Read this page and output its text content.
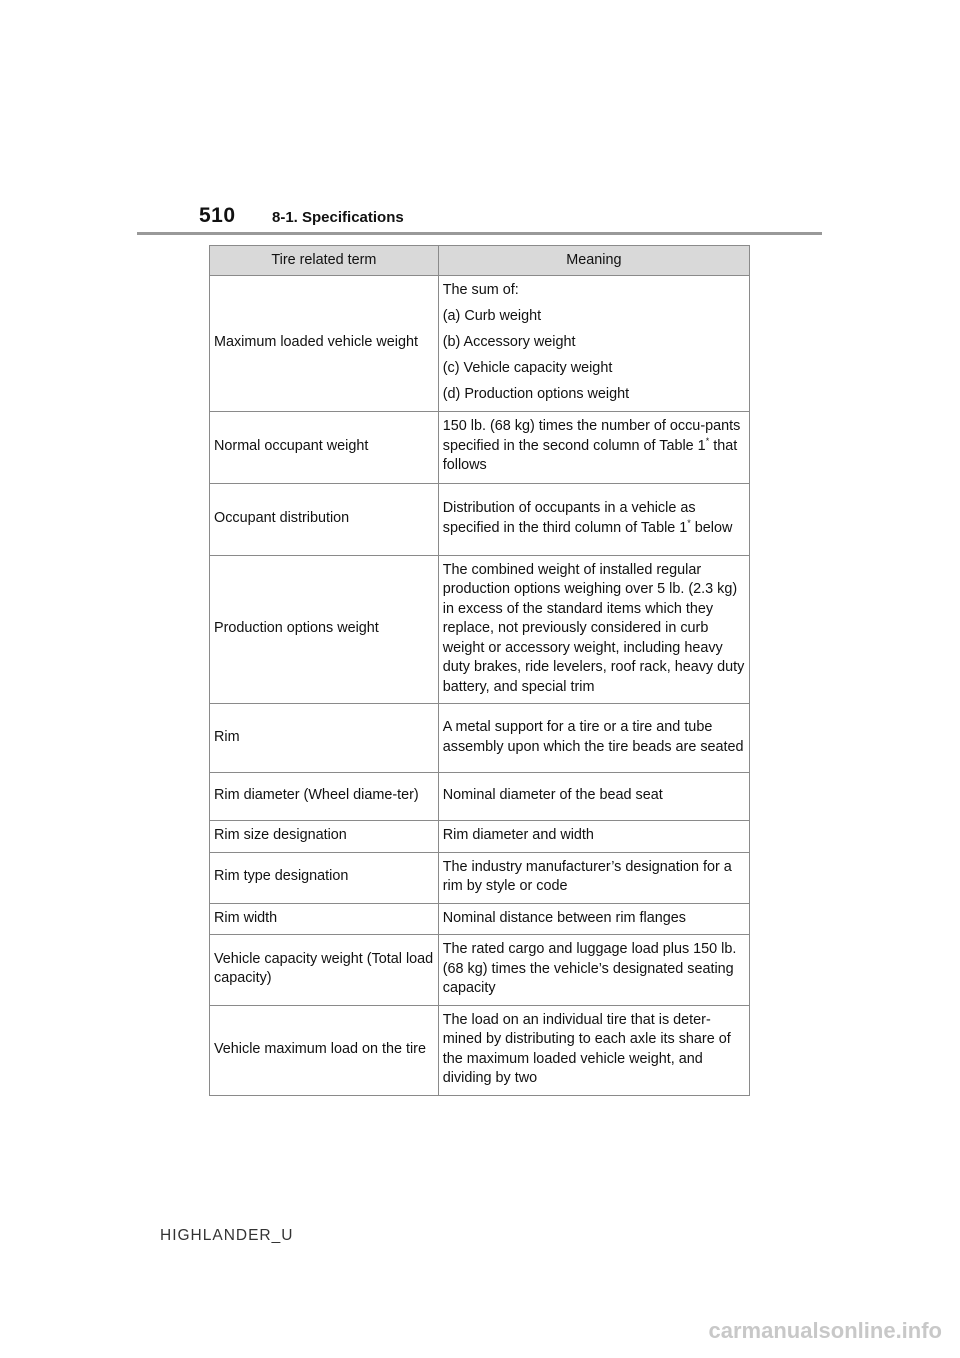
510 8-1. Specifications
Tire related term	Meaning
Maximum loaded vehicle weight	The sum of:

(a) Curb weight

(b) Accessory weight

(c) Vehicle capacity weight

(d) Production options weight

Normal occupant weight	150 lb. (68 kg) times the number of occu-pants specified in the second column of Table 1* that follows
Occupant distribution	Distribution of occupants in a vehicle as specified in the third column of Table 1* below
Production options weight	The combined weight of installed regular production options weighing over 5 lb. (2.3 kg) in excess of the standard items which they replace, not previously considered in curb weight or accessory weight, including heavy duty brakes, ride levelers, roof rack, heavy duty battery, and special trim
Rim	A metal support for a tire or a tire and tube assembly upon which the tire beads are seated
Rim diameter (Wheel diame-ter)	Nominal diameter of the bead seat
Rim size designation	Rim diameter and width
Rim type designation	The industry manufacturer’s designation for a rim by style or code
Rim width	Nominal distance between rim flanges
Vehicle capacity weight (Total load capacity)	The rated cargo and luggage load plus 150 lb. (68 kg) times the vehicle’s designated seating capacity
Vehicle maximum load on the tire	The load on an individual tire that is deter-mined by distributing to each axle its share of the maximum loaded vehicle weight, and dividing by two
HIGHLANDER_U
carmanualsonline.info
